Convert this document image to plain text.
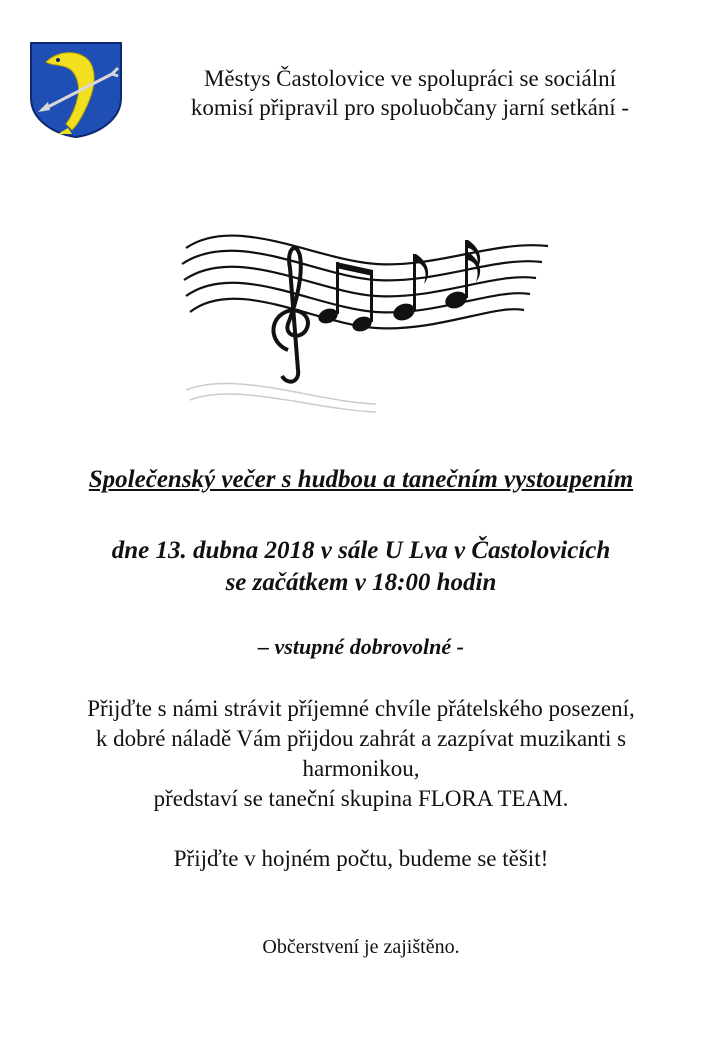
Městys Častolovice ve spolupráci se sociální
komisí připravil pro spoluobčany jarní setkání -
Společenský večer s hudbou a tanečním vystoupením
dne 13. dubna 2018 v sále U Lva v Častolovicích
se začátkem v 18:00 hodin
– vstupné dobrovolné -
Přijďte s námi strávit příjemné chvíle přátelského posezení,
k dobré náladě Vám přijdou zahrát a zazpívat muzikanti s
harmonikou,
představí se taneční skupina FLORA TEAM.
Přijďte v hojném počtu, budeme se těšit!
Občerstvení je zajištěno.
